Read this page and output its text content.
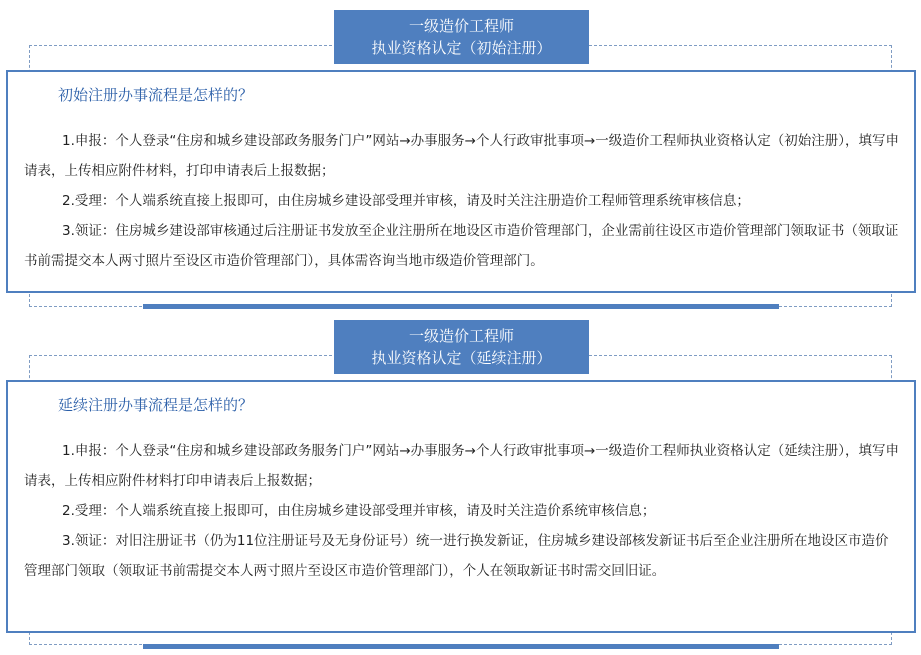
一级造价工程师
执业资格认定（初始注册）
初始注册办事流程是怎样的？

1.申报：个人登录“住房和城乡建设部政务服务门户”网站→办事服务→个人行政审批事项→一级造价工程师执业资格认定（初始注册），填写申请表，上传相应附件材料，打印申请表后上报数据；

2.受理：个人端系统直接上报即可，由住房城乡建设部受理并审核，请及时关注注册造价工程师管理系统审核信息；

3.领证：住房城乡建设部审核通过后注册证书发放至企业注册所在地设区市造价管理部门，企业需前往设区市造价管理部门领取证书（领取证书前需提交本人两寸照片至设区市造价管理部门），具体需咨询当地市级造价管理部门。

一级造价工程师
执业资格认定（延续注册）
延续注册办事流程是怎样的？

1.申报：个人登录“住房和城乡建设部政务服务门户”网站→办事服务→个人行政审批事项→一级造价工程师执业资格认定（延续注册），填写申请表，上传相应附件材料打印申请表后上报数据；

2.受理：个人端系统直接上报即可，由住房城乡建设部受理并审核，请及时关注造价系统审核信息；

3.领证：对旧注册证书（仍为11位注册证号及无身份证号）统一进行换发新证，住房城乡建设部核发新证书后至企业注册所在地设区市造价管理部门领取（领取证书前需提交本人两寸照片至设区市造价管理部门），个人在领取新证书时需交回旧证。
